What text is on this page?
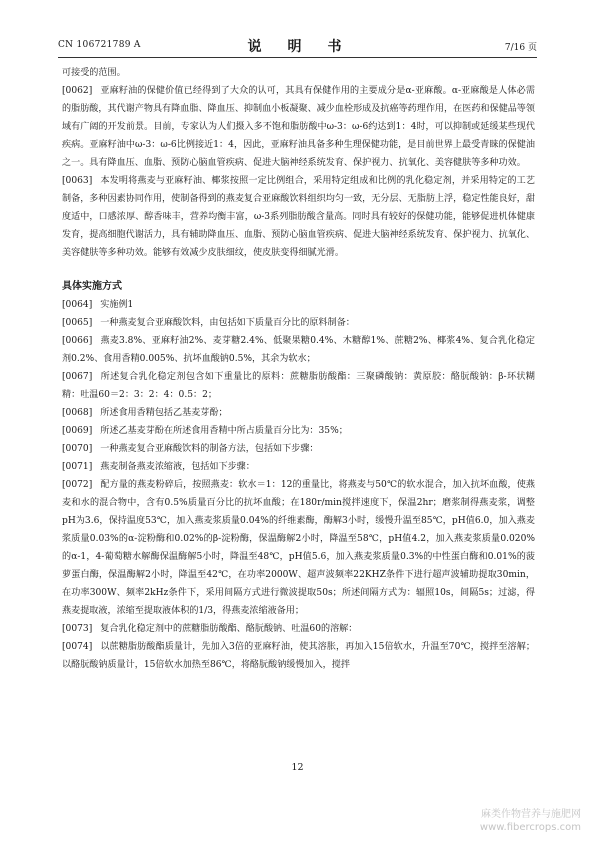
CN 106721789 A	说　明　书	7/16 页

可接受的范围。

[0062] 亚麻籽油的保健价值已经得到了大众的认可，其具有保健作用的主要成分是α-亚麻酸。α-亚麻酸是人体必需的脂肪酸，其代谢产物具有降血脂、降血压、抑制血小板凝聚、减少血栓形成及抗癌等药理作用，在医药和保健品等领域有广阔的开发前景。目前，专家认为人们摄入多不饱和脂肪酸中ω-3：ω-6约达到1：4时，可以抑制或延缓某些现代疾病。亚麻籽油中ω-3：ω-6比例接近1：4，因此，亚麻籽油具备多种生理保健功能，是目前世界上最受青睐的保健油之一。具有降血压、血脂、预防心脑血管疾病、促进大脑神经系统发育、保护视力、抗氧化、美容健肤等多种功效。

[0063] 本发明将燕麦与亚麻籽油、椰浆按照一定比例组合，采用特定组成和比例的乳化稳定剂，并采用特定的工艺制备，多种因素协同作用，使制备得到的燕麦复合亚麻酸饮料组织均匀一致，无分层、无脂肪上浮，稳定性能良好，甜度适中，口感浓厚、醇香味丰，营养均衡丰富，ω-3系列脂肪酸含量高。同时具有较好的保健功能，能够促进机体健康发育，提高细胞代谢活力，具有辅助降血压、血脂、预防心脑血管疾病、促进大脑神经系统发育、保护视力、抗氧化、美容健肤等多种功效。能够有效减少皮肤细纹，使皮肤变得细腻光滑。

具体实施方式

[0064] 实施例1

[0065] 一种燕麦复合亚麻酸饮料，由包括如下质量百分比的原料制备：

[0066] 燕麦3.8%、亚麻籽油2%、麦芽糖2.4%、低聚果糖0.4%、木糖醇1%、蔗糖2%、椰浆4%、复合乳化稳定剂0.2%、食用香精0.005%、抗坏血酸钠0.5%，其余为软水；

[0067] 所述复合乳化稳定剂包含如下重量比的原料：蔗糖脂肪酸酯：三聚磷酸钠：黄原胶：酪朊酸钠：β-环状糊精：吐温60＝2：3：2：4：0.5：2；

[0068] 所述食用香精包括乙基麦芽酚；

[0069] 所述乙基麦芽酚在所述食用香精中所占质量百分比为：35%；

[0070] 一种燕麦复合亚麻酸饮料的制备方法，包括如下步骤：

[0071] 燕麦制备燕麦浓缩液，包括如下步骤：

[0072] 配方量的燕麦粉碎后，按照燕麦：软水＝1：12的重量比，将燕麦与50℃的软水混合，加入抗坏血酸，使燕麦和水的混合物中，含有0.5%质量百分比的抗坏血酸；在180r/min搅拌速度下，保温2hr；磨浆制得燕麦浆，调整pH为3.6，保持温度53℃，加入燕麦浆质量0.04%的纤维素酶，酶解3小时，缓慢升温至85℃，pH值6.0，加入燕麦浆质量0.03%的α-淀粉酶和0.02%的β-淀粉酶，保温酶解2小时，降温至58℃，pH值4.2，加入燕麦浆质量0.020%的α-1，4-葡萄糖水解酶保温酶解5小时，降温至48℃，pH值5.6，加入燕麦浆质量0.3%的中性蛋白酶和0.01%的菠萝蛋白酶，保温酶解2小时，降温至42℃，在功率2000W、超声波频率22KHZ条件下进行超声波辅助提取30min，在功率300W、频率2kHz条件下，采用间隔方式进行微波提取50s；所述间隔方式为：辐照10s，间隔5s；过滤，得燕麦提取液，浓缩至提取液体积的1/3，得燕麦浓缩液备用；

[0073] 复合乳化稳定剂中的蔗糖脂肪酸酯、酪朊酸钠、吐温60的溶解：

[0074] 以蔗糖脂肪酸酯质量计，先加入3倍的亚麻籽油，使其溶胀，再加入15倍软水，升温至70℃，搅拌至溶解；以酪朊酸钠质量计，15倍软水加热至86℃，将酪朊酸钠缓慢加入，搅拌

12
麻类作物营养与施肥网
www.fibercrops.com
